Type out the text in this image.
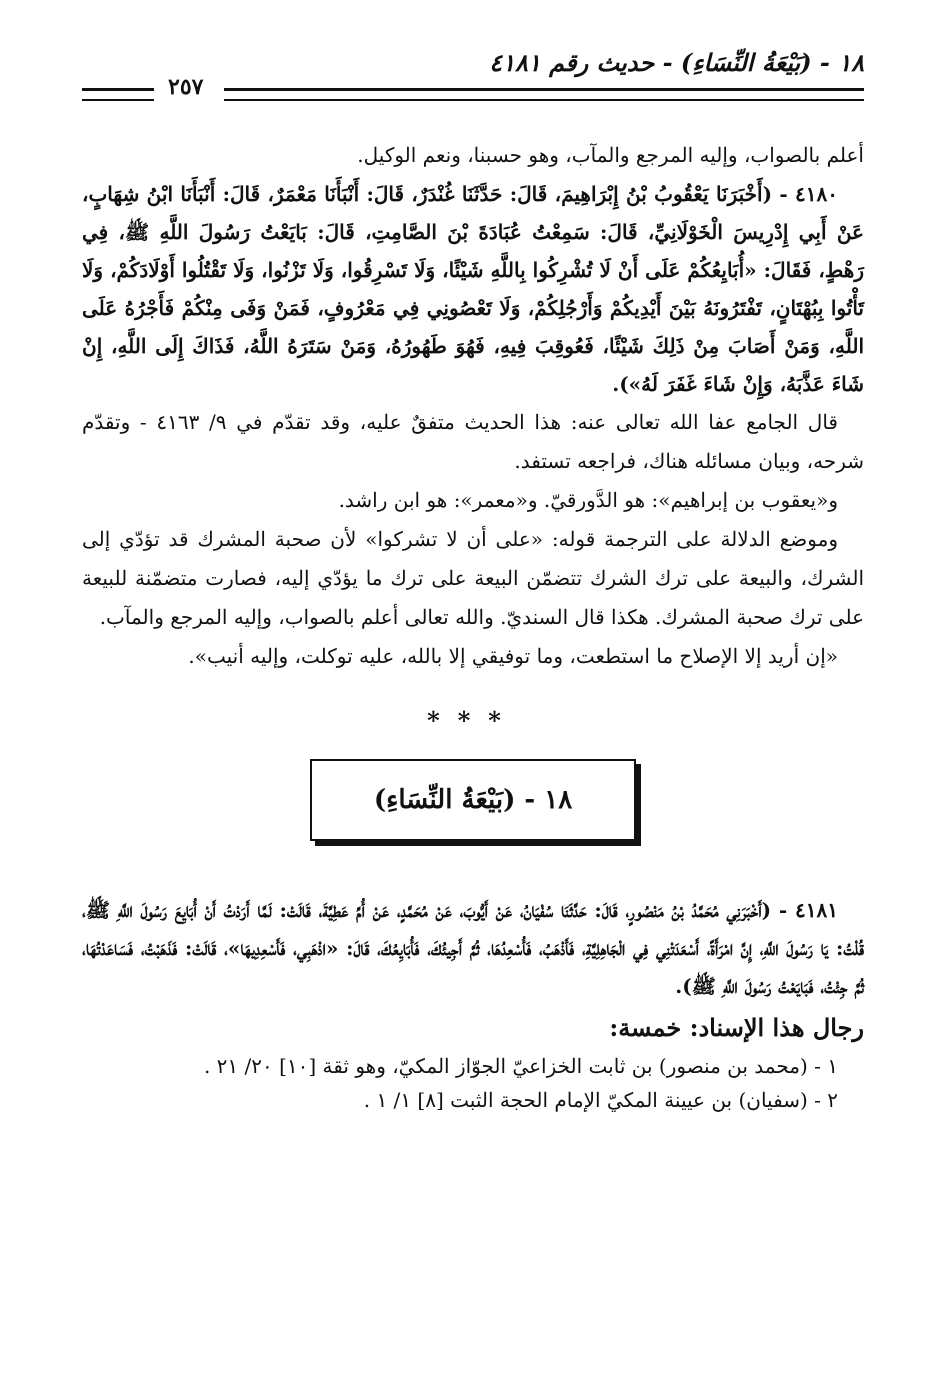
١٨ - (بَيْعَةُ النِّسَاءِ) - حديث رقم ٤١٨١
٢٥٧

أعلم بالصواب، وإليه المرجع والمآب، وهو حسبنا، ونعم الوكيل.

٤١٨٠ - (أَخْبَرَنَا يَعْقُوبُ بْنُ إِبْرَاهِيمَ، قَالَ: حَدَّثَنَا غُنْدَرٌ، قَالَ: أَنْبَأَنَا مَعْمَرٌ، قَالَ: أَنْبَأَنَا ابْنُ شِهَابٍ، عَنْ أَبِي إِدْرِيسَ الْخَوْلَانِيِّ، قَالَ: سَمِعْتُ عُبَادَةَ بْنَ الصَّامِتِ، قَالَ: بَايَعْتُ رَسُولَ اللَّهِ ﷺ، فِي رَهْطٍ، فَقَالَ: «أُبَايِعُكُمْ عَلَى أَنْ لَا تُشْرِكُوا بِاللَّهِ شَيْئًا، وَلَا تَسْرِقُوا، وَلَا تَزْنُوا، وَلَا تَقْتُلُوا أَوْلَادَكُمْ، وَلَا تَأْتُوا بِبُهْتَانٍ، تَفْتَرُونَهُ بَيْنَ أَيْدِيكُمْ وَأَرْجُلِكُمْ، وَلَا تَعْصُونِي فِي مَعْرُوفٍ، فَمَنْ وَفَى مِنْكُمْ فَأَجْرُهُ عَلَى اللَّهِ، وَمَنْ أَصَابَ مِنْ ذَلِكَ شَيْئًا، فَعُوقِبَ فِيهِ، فَهُوَ طَهُورُهُ، وَمَنْ سَتَرَهُ اللَّهُ، فَذَاكَ إِلَى اللَّهِ، إِنْ شَاءَ عَذَّبَهُ، وَإِنْ شَاءَ غَفَرَ لَهُ»).

قال الجامع عفا الله تعالى عنه: هذا الحديث متفقٌ عليه، وقد تقدّم في ٩/ ٤١٦٣ - وتقدّم شرحه، وبيان مسائله هناك، فراجعه تستفد.

و«يعقوب بن إبراهيم»: هو الدَّورقيّ. و«معمر»: هو ابن راشد.

وموضع الدلالة على الترجمة قوله: «على أن لا تشركوا» لأن صحبة المشرك قد تؤدّي إلى الشرك، والبيعة على ترك الشرك تتضمّن البيعة على ترك ما يؤدّي إليه، فصارت متضمّنة للبيعة على ترك صحبة المشرك. هكذا قال السنديّ. والله تعالى أعلم بالصواب، وإليه المرجع والمآب.

«إن أريد إلا الإصلاح ما استطعت، وما توفيقي إلا بالله، عليه توكلت، وإليه أنيب».

***
١٨ - (بَيْعَةُ النِّسَاءِ)

٤١٨١ - (أَخْبَرَنِي مُحَمَّدُ بْنُ مَنْصُورٍ، قَالَ: حَدَّثَنَا سُفْيَانُ، عَنْ أَيُّوبَ، عَنْ مُحَمَّدٍ، عَنْ أُمِّ عَطِيَّةَ، قَالَتْ: لَمَّا أَرَدْتُ أَنْ أُبَايِعَ رَسُولَ اللَّهِ ﷺ، قُلْتُ: يَا رَسُولَ اللَّهِ، إِنَّ امْرَأَةً، أَسْعَدَتْنِي فِي الْجَاهِلِيَّةِ، فَأَذْهَبُ، فَأُسْعِدُهَا، ثُمَّ أَجِيئُكَ، فَأُبَايِعُكَ، قَالَ: «اذْهَبِي، فَأَسْعِدِيهَا»، قَالَتْ: فَذَهَبْتُ، فَسَاعَدْتُهَا، ثُمَّ جِئْتُ، فَبَايَعْتُ رَسُولَ اللَّهِ ﷺ).

رجال هذا الإسناد: خمسة:

١ - (محمد بن منصور) بن ثابت الخزاعيّ الجوّاز المكيّ، وهو ثقة [١٠] ٢٠/ ٢١ .

٢ - (سفيان) بن عيينة المكيّ الإمام الحجة الثبت [٨] ١/ ١ .
